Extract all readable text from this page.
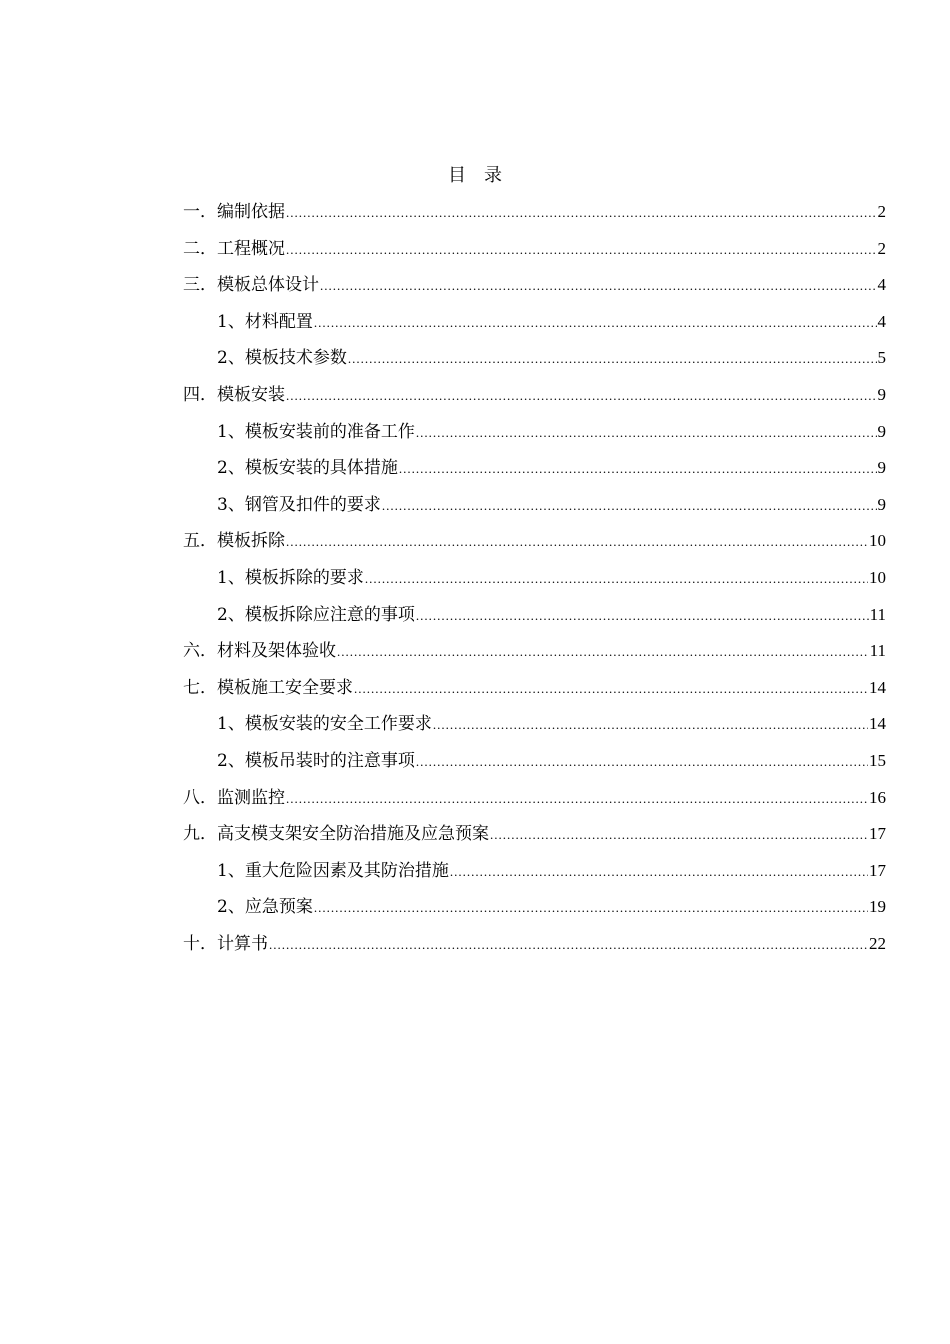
目 录
一．编制依据 .....	2
二．工程概况 .....	2
三．模板总体设计 .....	4
1、材料配置 .....	4
2、模板技术参数 .....	5
四．模板安装 .....	9
1、模板安装前的准备工作 .....	9
2、模板安装的具体措施 .....	9
3、钢管及扣件的要求 .....	9
五．模板拆除 .....	10
1、模板拆除的要求 .....	10
2、模板拆除应注意的事项 .....	11
六．材料及架体验收 .....	11
七．模板施工安全要求 .....	14
1、模板安装的安全工作要求 .....	14
2、模板吊装时的注意事项 .....	15
八．监测监控 .....	16
九．高支模支架安全防治措施及应急预案 .....	17
1、重大危险因素及其防治措施 .....	17
2、应急预案 .....	19
十．计算书 .....	22
